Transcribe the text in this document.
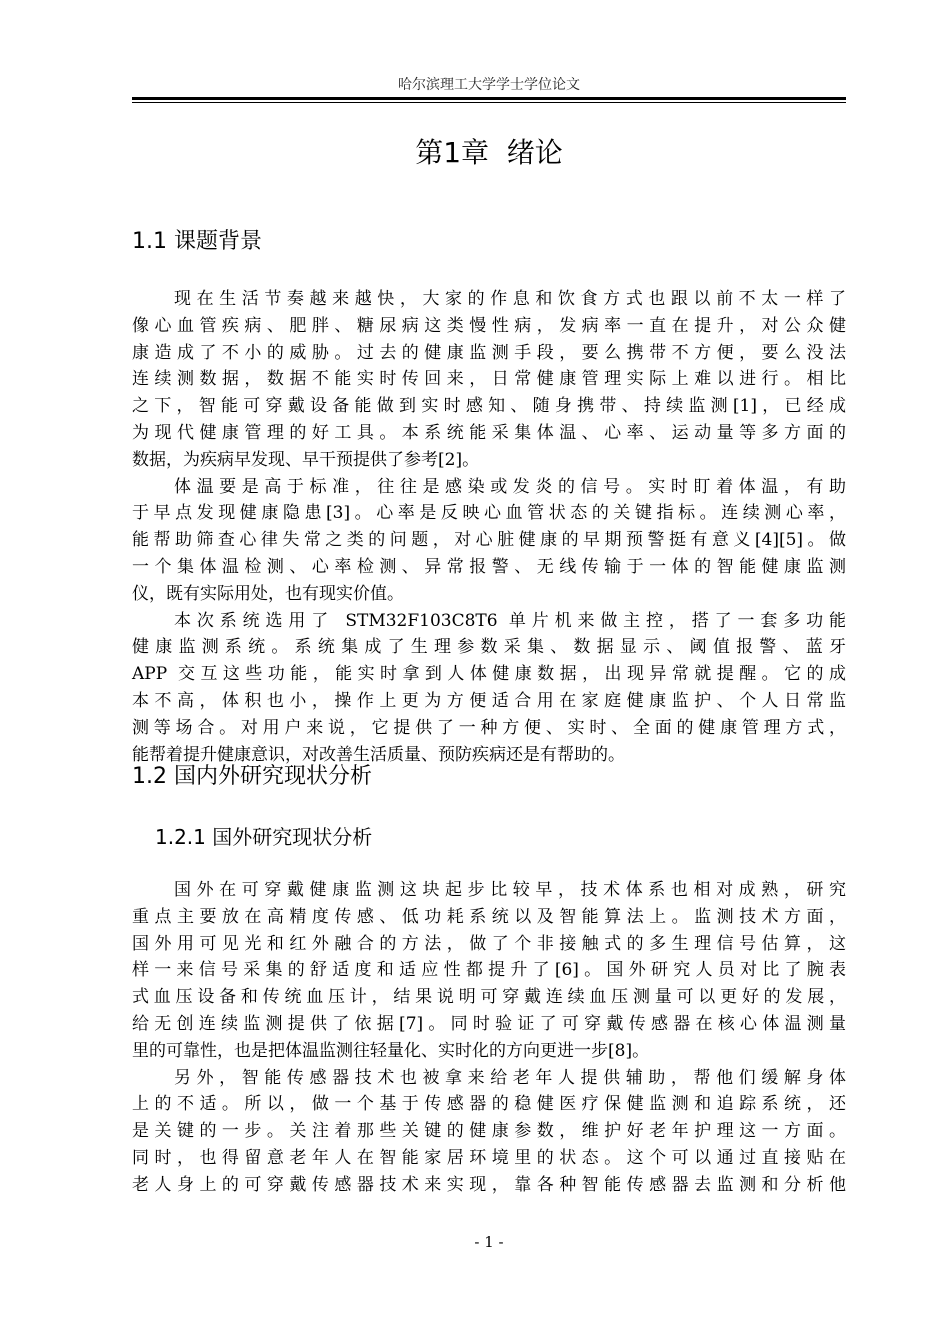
哈尔滨理工大学学士学位论文
第1章  绪论
1.1 课题背景
现在生活节奏越来越快，大家的作息和饮食方式也跟以前不太一样了
像心血管疾病、肥胖、糖尿病这类慢性病，发病率一直在提升，对公众健
康造成了不小的威胁。过去的健康监测手段，要么携带不方便，要么没法
连续测数据，数据不能实时传回来，日常健康管理实际上难以进行。相比
之下，智能可穿戴设备能做到实时感知、随身携带、持续监测[1]，已经成
为现代健康管理的好工具。本系统能采集体温、心率、运动量等多方面的
数据，为疾病早发现、早干预提供了参考[2]。
体温要是高于标准，往往是感染或发炎的信号。实时盯着体温，有助
于早点发现健康隐患[3]。心率是反映心血管状态的关键指标。连续测心率，
能帮助筛查心律失常之类的问题，对心脏健康的早期预警挺有意义[4][5]。做
一个集体温检测、心率检测、异常报警、无线传输于一体的智能健康监测
仪，既有实际用处，也有现实价值。
本次系统选用了 STM32F103C8T6 单片机来做主控，搭了一套多功能
健康监测系统。系统集成了生理参数采集、数据显示、阈值报警、蓝牙
APP 交互这些功能，能实时拿到人体健康数据，出现异常就提醒。它的成
本不高，体积也小，操作上更为方便适合用在家庭健康监护、个人日常监
测等场合。对用户来说，它提供了一种方便、实时、全面的健康管理方式，
能帮着提升健康意识，对改善生活质量、预防疾病还是有帮助的。
1.2 国内外研究现状分析
1.2.1 国外研究现状分析
国外在可穿戴健康监测这块起步比较早，技术体系也相对成熟，研究
重点主要放在高精度传感、低功耗系统以及智能算法上。监测技术方面，
国外用可见光和红外融合的方法，做了个非接触式的多生理信号估算，这
样一来信号采集的舒适度和适应性都提升了[6]。国外研究人员对比了腕表
式血压设备和传统血压计，结果说明可穿戴连续血压测量可以更好的发展，
给无创连续监测提供了依据[7]。同时验证了可穿戴传感器在核心体温测量
里的可靠性，也是把体温监测往轻量化、实时化的方向更进一步[8]。
另外，智能传感器技术也被拿来给老年人提供辅助，帮他们缓解身体
上的不适。所以，做一个基于传感器的稳健医疗保健监测和追踪系统，还
是关键的一步。关注着那些关键的健康参数，维护好老年护理这一方面。
同时，也得留意老年人在智能家居环境里的状态。这个可以通过直接贴在
老人身上的可穿戴传感器技术来实现，靠各种智能传感器去监测和分析他
- 1 -
